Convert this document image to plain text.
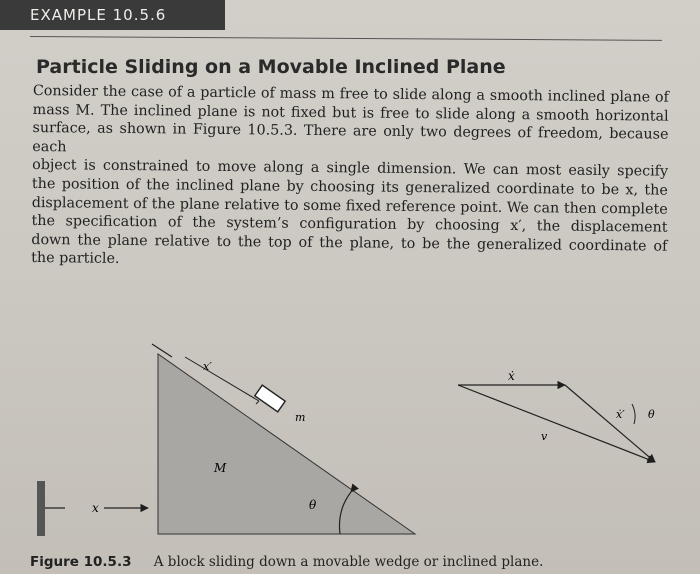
EXAMPLE 10.5.6
Particle Sliding on a Movable Inclined Plane
Consider the case of a particle of mass m free to slide along a smooth inclined plane of
mass M. The inclined plane is not fixed but is free to slide along a smooth horizontal
surface, as shown in Figure 10.5.3. There are only two degrees of freedom, because each
object is constrained to move along a single dimension. We can most easily specify
the position of the inclined plane by choosing its generalized coordinate to be x, the
displacement of the plane relative to some fixed reference point. We can then complete
the specification of the system’s configuration by choosing x′, the displacement
down the plane relative to the top of the plane, to be the generalized coordinate of
the particle.
x
M
x′
m
θ
ẋ
ẋ′ θ
v
Figure 10.5.3 A block sliding down a movable wedge or inclined plane.
